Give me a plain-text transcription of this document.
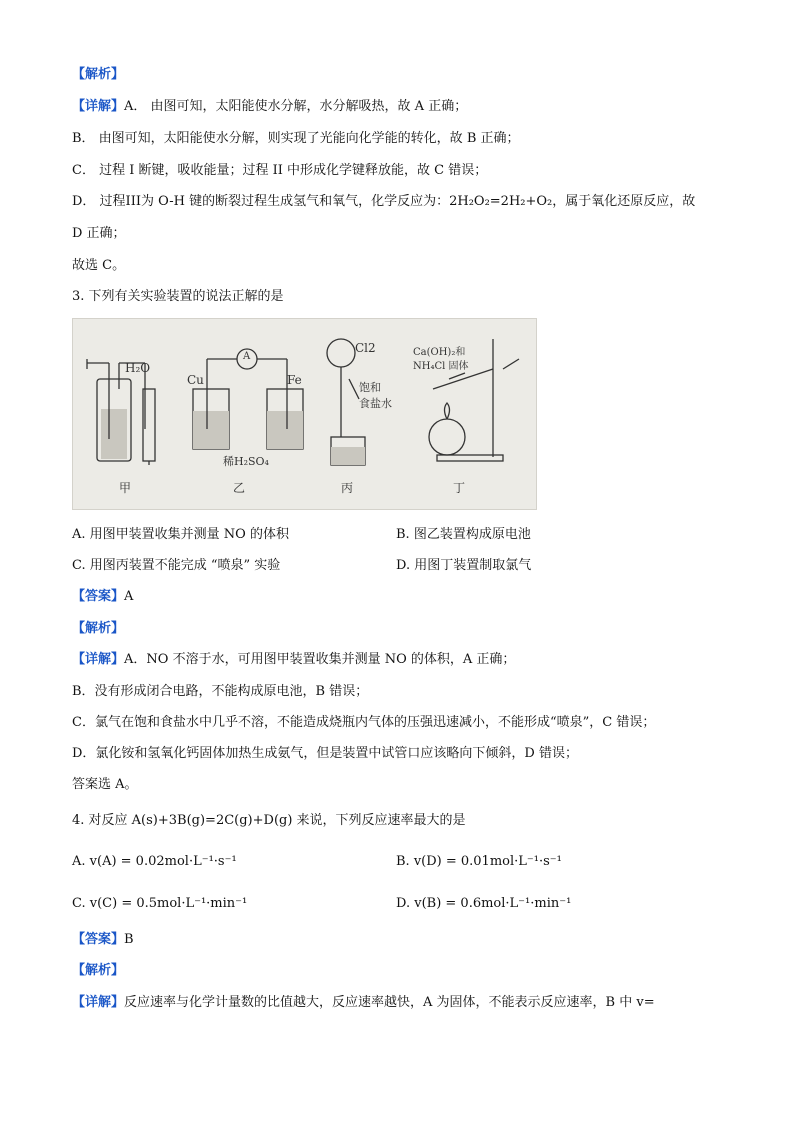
【解析】
【详解】A． 由图可知，太阳能使水分解，水分解吸热，故 A 正确；
B． 由图可知，太阳能使水分解，则实现了光能向化学能的转化，故 B 正确；
C． 过程 I 断键，吸收能量；过程 II 中形成化学键释放能，故 C 错误；
D． 过程III为 O-H 键的断裂过程生成氢气和氧气，化学反应为：2H₂O₂=2H₂+O₂，属于氧化还原反应，故
D 正确；
故选 C。
3. 下列有关实验装置的说法正解的是
H₂O
Cu	Fe
A
稀H₂SO₄
Cl2
饱和
食盐水
Ca(OH)₂和
NH₄Cl 固体
甲	乙	丙	丁
A. 用图甲装置收集并测量 NO 的体积	B. 图乙装置构成原电池
C. 用图丙装置不能完成 “喷泉” 实验	D. 用图丁装置制取氯气
【答案】A
【解析】
【详解】A．NO 不溶于水，可用图甲装置收集并测量 NO 的体积，A 正确；
B．没有形成闭合电路，不能构成原电池，B 错误；
C．氯气在饱和食盐水中几乎不溶，不能造成烧瓶内气体的压强迅速减小，不能形成“喷泉”，C 错误；
D．氯化铵和氢氧化钙固体加热生成氨气，但是装置中试管口应该略向下倾斜，D 错误；
答案选 A。
4. 对反应 A(s)+3B(g)=2C(g)+D(g) 来说，下列反应速率最大的是
A. v(A) = 0.02mol·L⁻¹·s⁻¹	B. v(D) = 0.01mol·L⁻¹·s⁻¹
C. v(C) = 0.5mol·L⁻¹·min⁻¹	D. v(B) = 0.6mol·L⁻¹·min⁻¹
【答案】B
【解析】
【详解】反应速率与化学计量数的比值越大，反应速率越快，A 为固体，不能表示反应速率，B 中 v=
